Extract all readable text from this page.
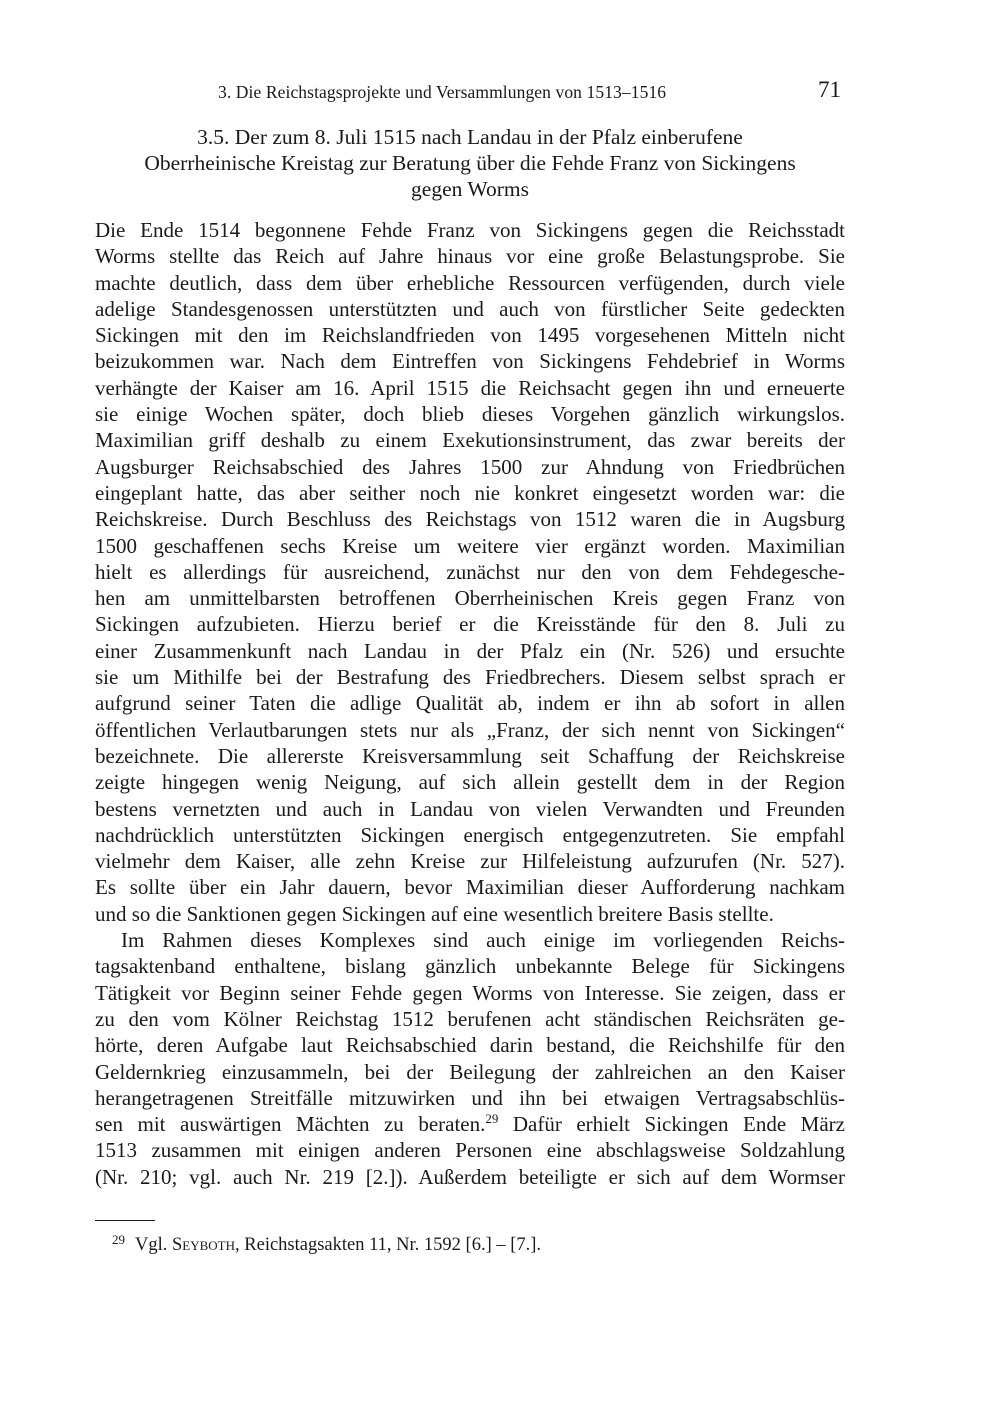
3. Die Reichstagsprojekte und Versammlungen von 1513–1516	71
3.5. Der zum 8. Juli 1515 nach Landau in der Pfalz einberufene
Oberrheinische Kreistag zur Beratung über die Fehde Franz von Sickingens
gegen Worms
Die Ende 1514 begonnene Fehde Franz von Sickingens gegen die Reichsstadt
Worms stellte das Reich auf Jahre hinaus vor eine große Belastungsprobe. Sie
machte deutlich, dass dem über erhebliche Ressourcen verfügenden, durch viele
adelige Standesgenossen unterstützten und auch von fürstlicher Seite gedeckten
Sickingen mit den im Reichslandfrieden von 1495 vorgesehenen Mitteln nicht
beizukommen war. Nach dem Eintreffen von Sickingens Fehdebrief in Worms
verhängte der Kaiser am 16. April 1515 die Reichsacht gegen ihn und erneuerte
sie einige Wochen später, doch blieb dieses Vorgehen gänzlich wirkungslos.
Maximilian griff deshalb zu einem Exekutionsinstrument, das zwar bereits der
Augsburger Reichsabschied des Jahres 1500 zur Ahndung von Friedbrüchen
eingeplant hatte, das aber seither noch nie konkret eingesetzt worden war: die
Reichskreise. Durch Beschluss des Reichstags von 1512 waren die in Augsburg
1500 geschaffenen sechs Kreise um weitere vier ergänzt worden. Maximilian
hielt es allerdings für ausreichend, zunächst nur den von dem Fehdegesche-
hen am unmittelbarsten betroffenen Oberrheinischen Kreis gegen Franz von
Sickingen aufzubieten. Hierzu berief er die Kreisstände für den 8. Juli zu
einer Zusammenkunft nach Landau in der Pfalz ein (Nr. 526) und ersuchte
sie um Mithilfe bei der Bestrafung des Friedbrechers. Diesem selbst sprach er
aufgrund seiner Taten die adlige Qualität ab, indem er ihn ab sofort in allen
öffentlichen Verlautbarungen stets nur als „Franz, der sich nennt von Sickingen“
bezeichnete. Die allererste Kreisversammlung seit Schaffung der Reichskreise
zeigte hingegen wenig Neigung, auf sich allein gestellt dem in der Region
bestens vernetzten und auch in Landau von vielen Verwandten und Freunden
nachdrücklich unterstützten Sickingen energisch entgegenzutreten. Sie empfahl
vielmehr dem Kaiser, alle zehn Kreise zur Hilfeleistung aufzurufen (Nr. 527).
Es sollte über ein Jahr dauern, bevor Maximilian dieser Aufforderung nachkam
und so die Sanktionen gegen Sickingen auf eine wesentlich breitere Basis stellte.
Im Rahmen dieses Komplexes sind auch einige im vorliegenden Reichs-
tagsaktenband enthaltene, bislang gänzlich unbekannte Belege für Sickingens
Tätigkeit vor Beginn seiner Fehde gegen Worms von Interesse. Sie zeigen, dass er
zu den vom Kölner Reichstag 1512 berufenen acht ständischen Reichsräten ge-
hörte, deren Aufgabe laut Reichsabschied darin bestand, die Reichshilfe für den
Geldernkrieg einzusammeln, bei der Beilegung der zahlreichen an den Kaiser
herangetragenen Streitfälle mitzuwirken und ihn bei etwaigen Vertragsabschlüs-
sen mit auswärtigen Mächten zu beraten.$^{29}$ Dafür erhielt Sickingen Ende März
1513 zusammen mit einigen anderen Personen eine abschlagsweise Soldzahlung
(Nr. 210; vgl. auch Nr. 219 [2.]). Außerdem beteiligte er sich auf dem Wormser
$^{29}$ Vgl. Seyboth, Reichstagsakten 11, Nr. 1592 [6.] – [7.].
